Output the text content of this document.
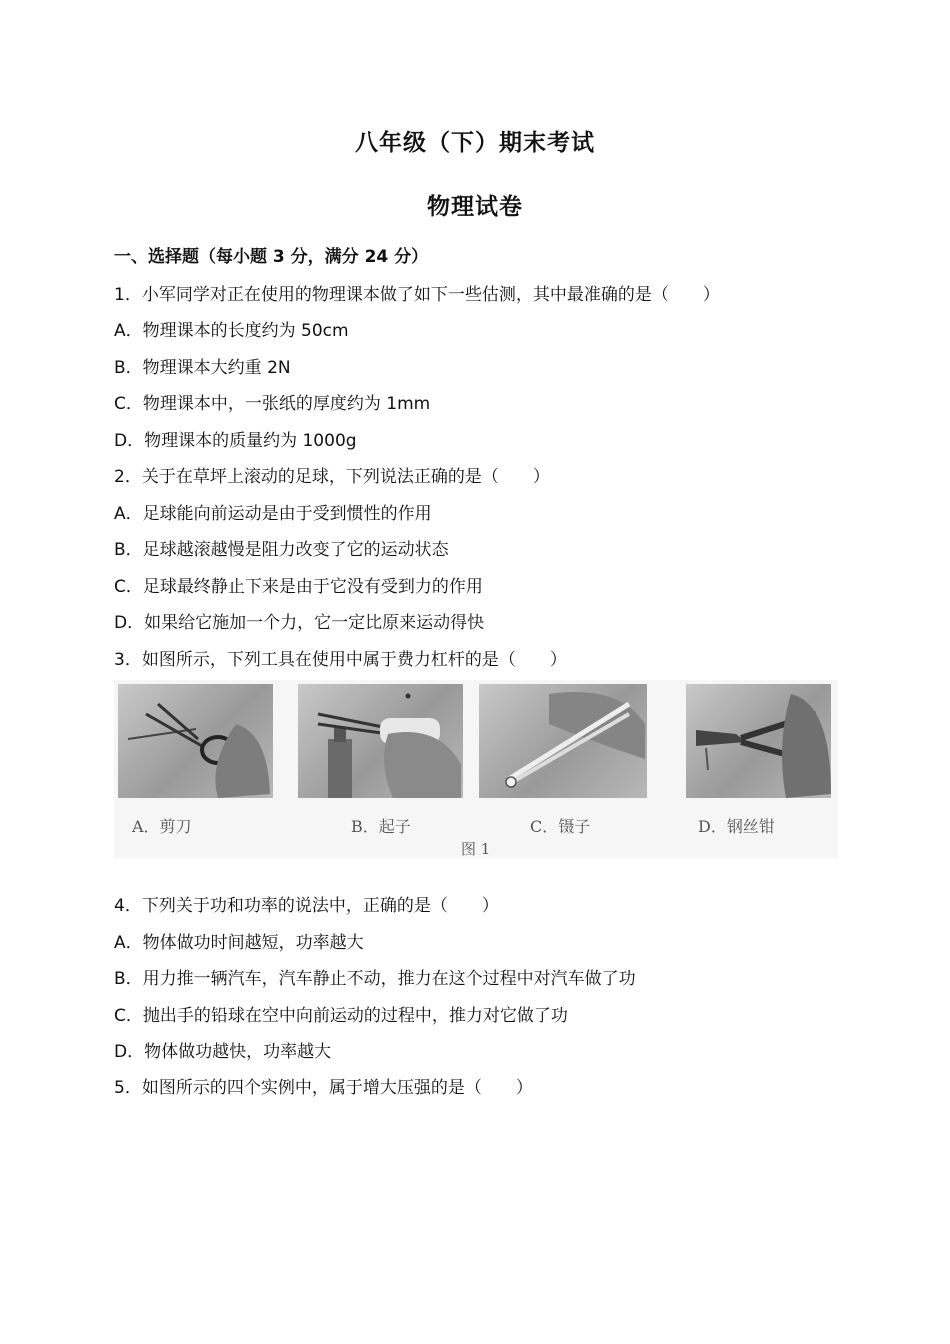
八年级（下）期末考试
物理试卷
一、选择题（每小题 3 分，满分 24 分）
1．小军同学对正在使用的物理课本做了如下一些估测，其中最准确的是（　　）
A．物理课本的长度约为 50cm
B．物理课本大约重 2N
C．物理课本中，一张纸的厚度约为 1mm
D．物理课本的质量约为 1000g
2．关于在草坪上滚动的足球，下列说法正确的是（　　）
A．足球能向前运动是由于受到惯性的作用
B．足球越滚越慢是阻力改变了它的运动状态
C．足球最终静止下来是由于它没有受到力的作用
D．如果给它施加一个力，它一定比原来运动得快
3．如图所示，下列工具在使用中属于费力杠杆的是（　　）
A．剪刀	B．起子	C．镊子	D．钢丝钳
图 1
4．下列关于功和功率的说法中，正确的是（　　）
A．物体做功时间越短，功率越大
B．用力推一辆汽车，汽车静止不动，推力在这个过程中对汽车做了功
C．抛出手的铅球在空中向前运动的过程中，推力对它做了功
D．物体做功越快，功率越大
5．如图所示的四个实例中，属于增大压强的是（　　）
